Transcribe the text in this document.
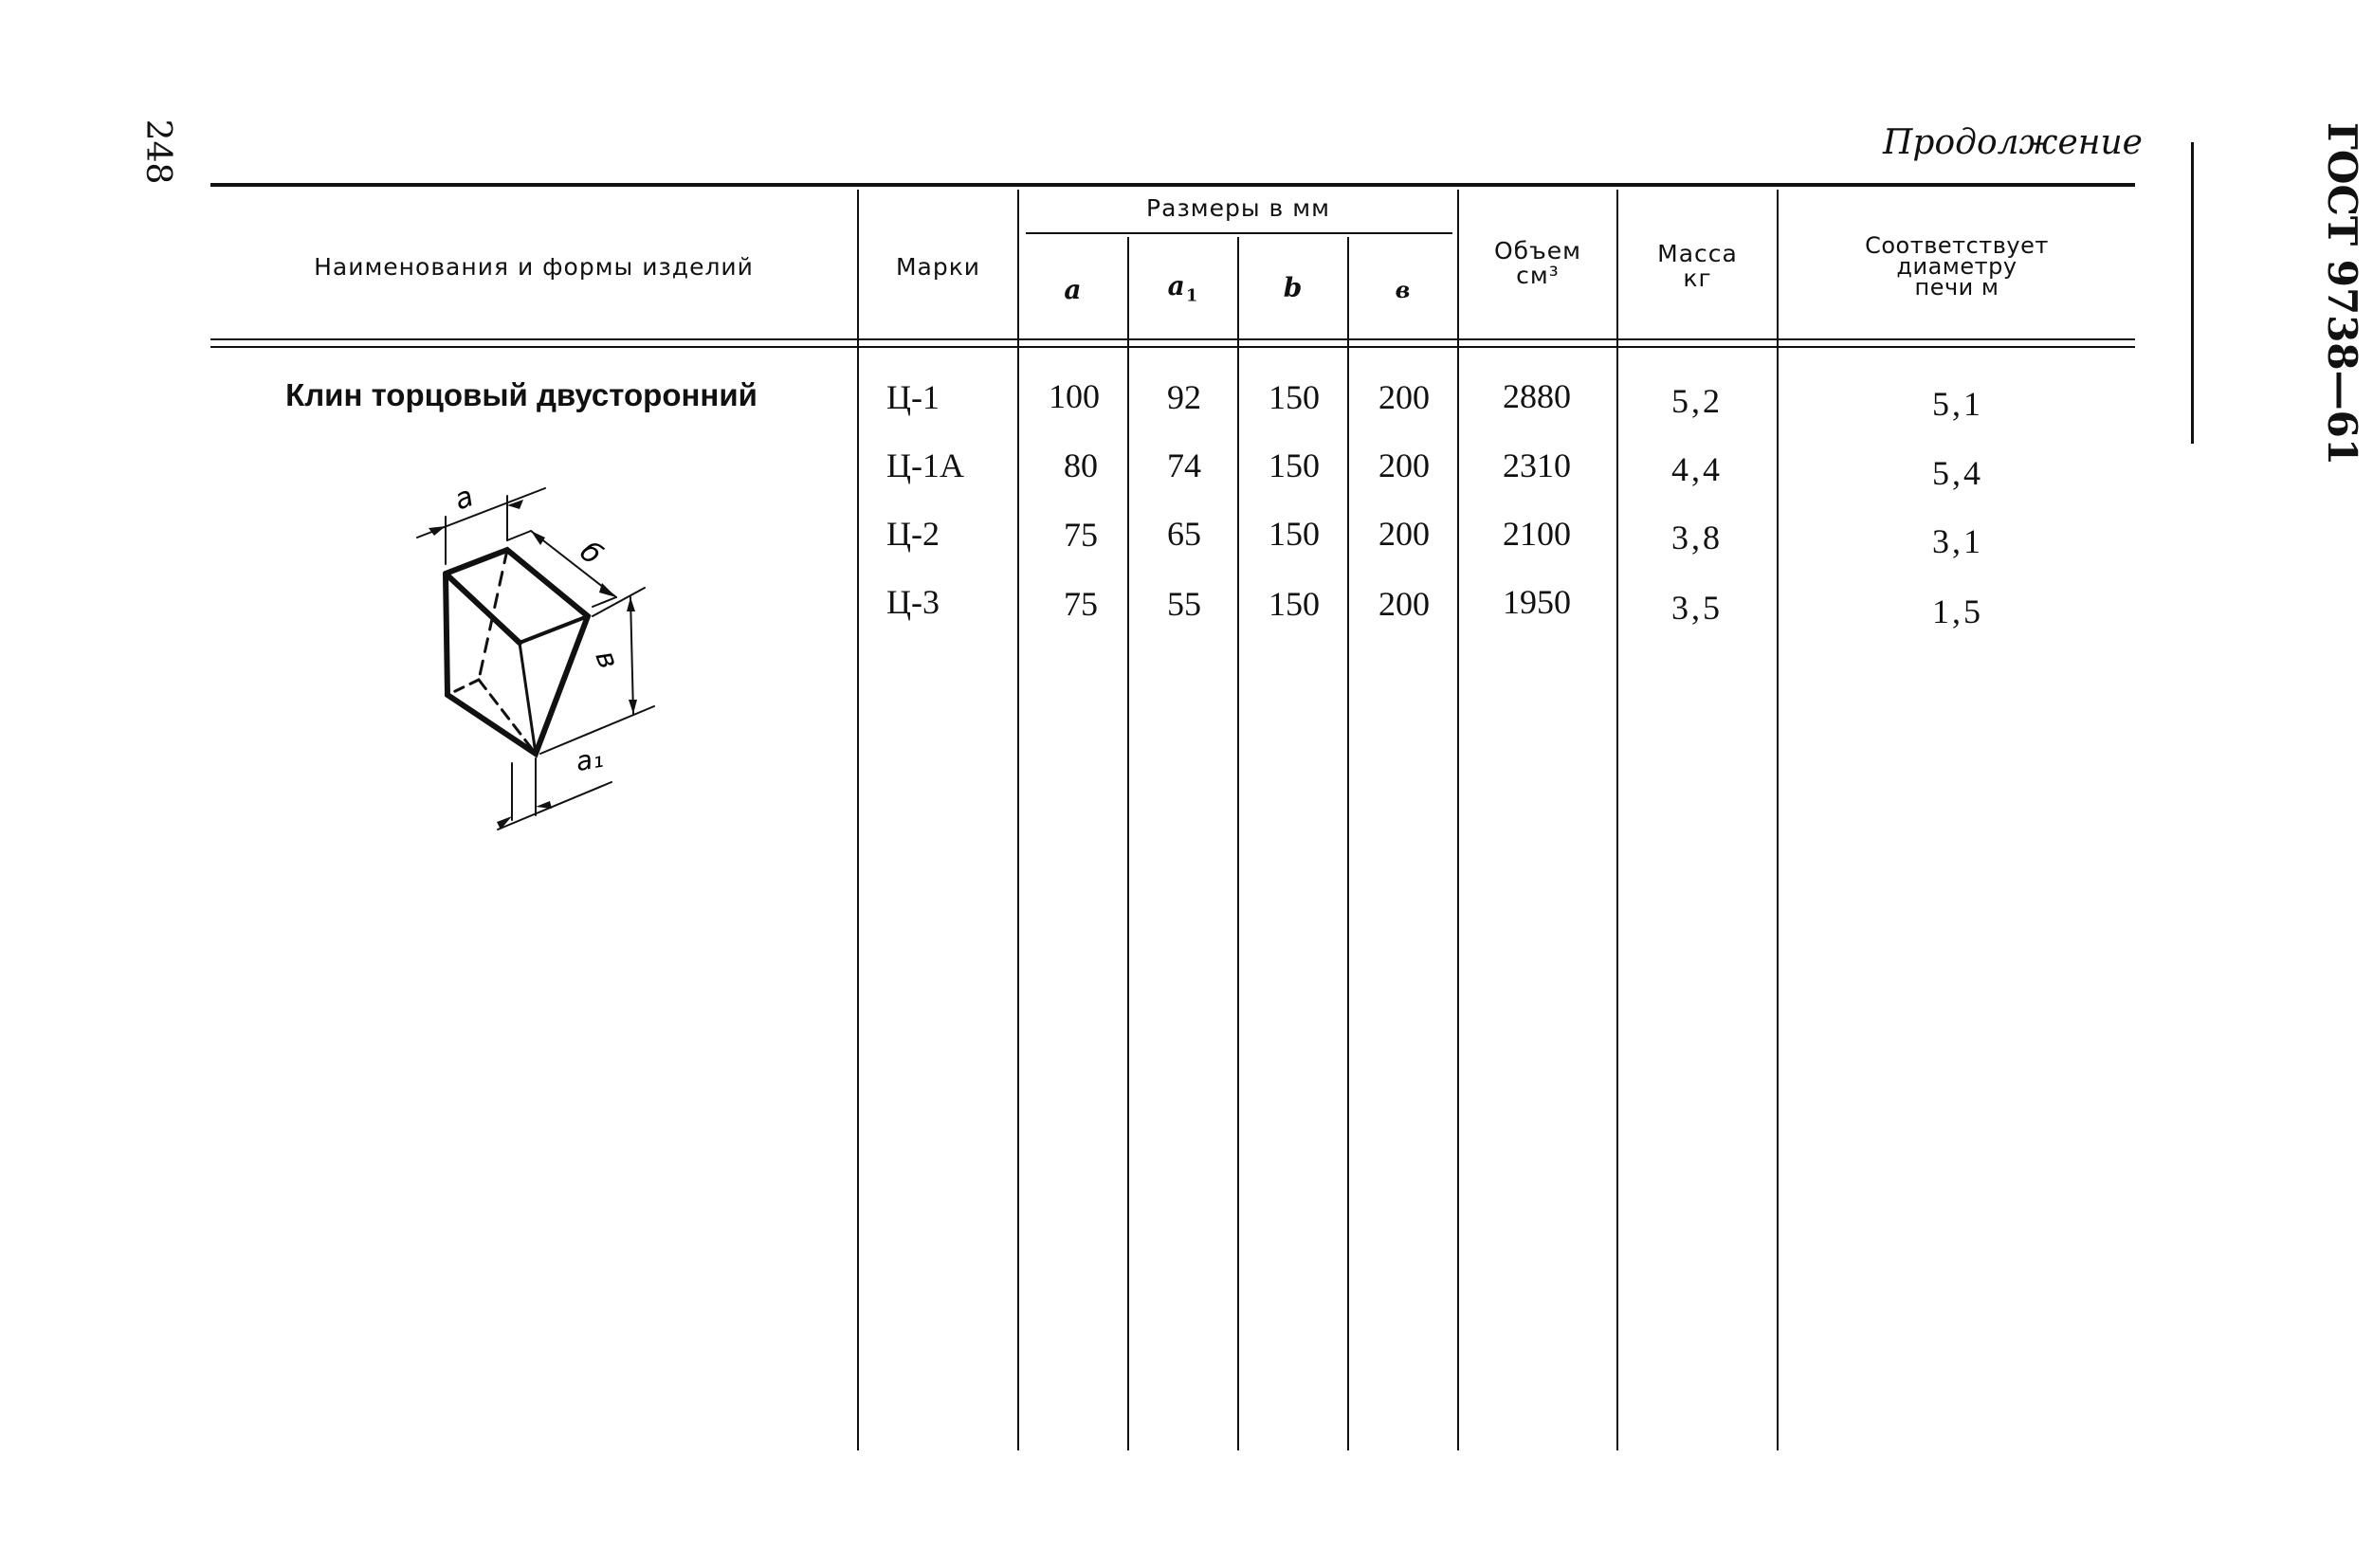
248	ГОСТ 9738—61
Продолжение
Наименования и формы изделий	Марки
Размеры в мм
a	$a_1$	b	в
Объем
см³
Масса
кг
Соответствует
диаметру
печи м
Клин торцовый двусторонний
a
б
в
a₁
Ц-1	100	92	150	200	2880	5,2	5,1
Ц-1А	80	74	150	200	2310	4,4	5,4
Ц-2	75	65	150	200	2100	3,8	3,1
Ц-3	75	55	150	200	1950	3,5	1,5
